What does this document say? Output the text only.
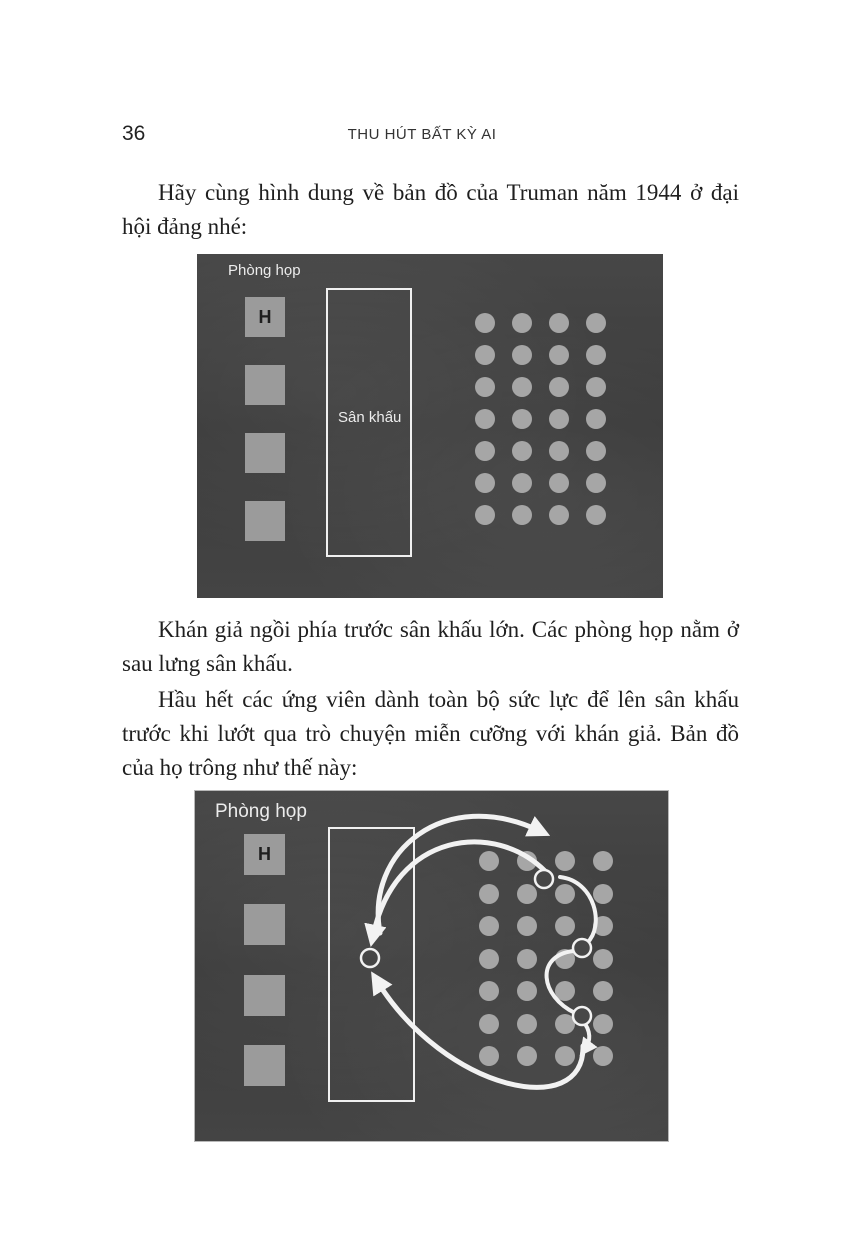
36	THU HÚT BẤT KỲ AI

Hãy cùng hình dung về bản đồ của Truman năm 1944 ở đại hội đảng nhé:

Phòng họp
H
Sân khấu

Khán giả ngồi phía trước sân khấu lớn. Các phòng họp nằm ở sau lưng sân khấu.

Hầu hết các ứng viên dành toàn bộ sức lực để lên sân khấu trước khi lướt qua trò chuyện miễn cưỡng với khán giả. Bản đồ của họ trông như thế này:

Phòng họp
H
